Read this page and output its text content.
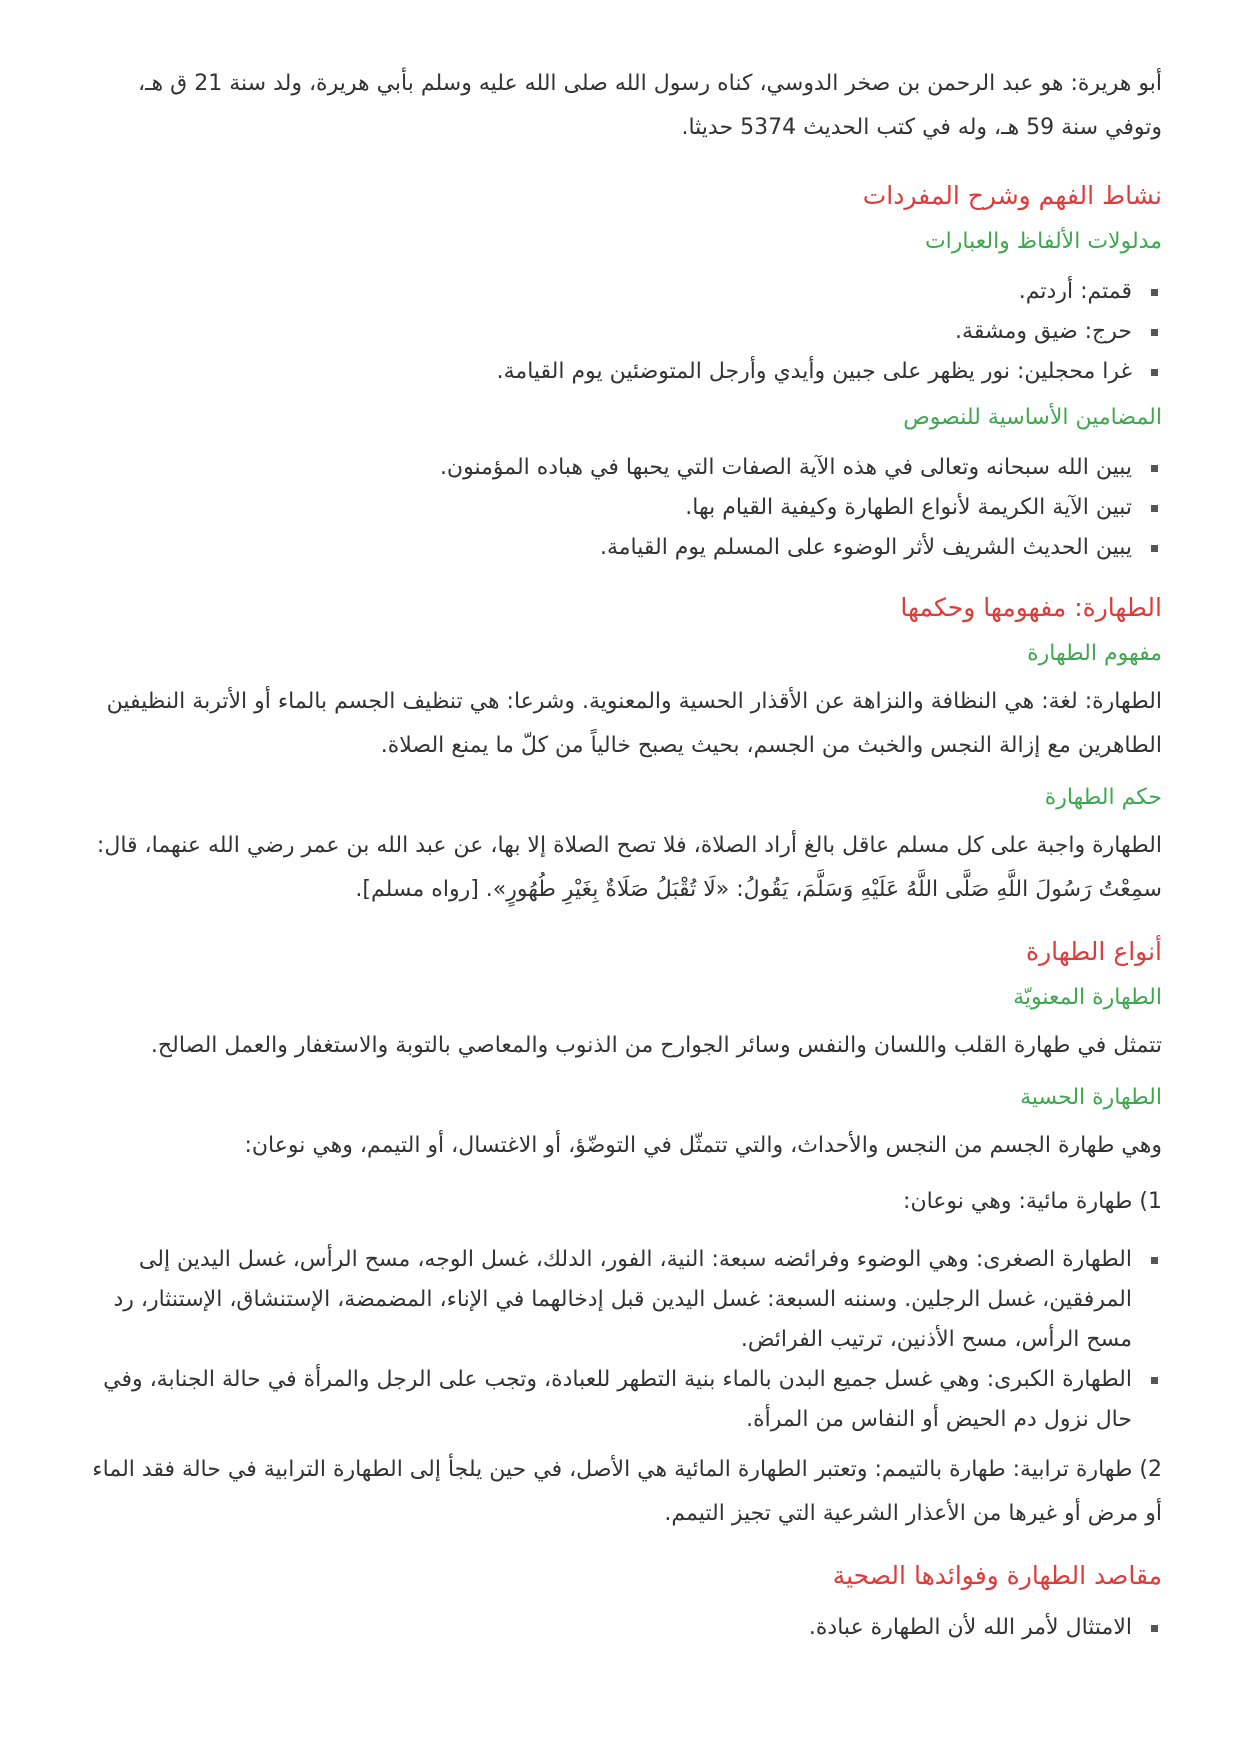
أبو هريرة: هو عبد الرحمن بن صخر الدوسي، كناه رسول الله صلى الله عليه وسلم بأبي هريرة، ولد سنة 21 ق هـ، وتوفي سنة 59 هـ، وله في كتب الحديث 5374 حديثا.

نشاط الفهم وشرح المفردات
مدلولات الألفاظ والعبارات
قمتم: أردتم.
حرج: ضيق ومشقة.
غرا محجلين: نور يظهر على جبين وأيدي وأرجل المتوضئين يوم القيامة.
المضامين الأساسية للنصوص
يبين الله سبحانه وتعالى في هذه الآية الصفات التي يحبها في هباده المؤمنون.
تبين الآية الكريمة لأنواع الطهارة وكيفية القيام بها.
يبين الحديث الشريف لأثر الوضوء على المسلم يوم القيامة.
الطهارة: مفهومها وحكمها
مفهوم الطهارة

الطهارة: لغة: هي النظافة والنزاهة عن الأقذار الحسية والمعنوية. وشرعا: هي تنظيف الجسم بالماء أو الأتربة النظيفين الطاهرين مع إزالة النجس والخبث من الجسم، بحيث يصبح خالياً من كلّ ما يمنع الصلاة.

حكم الطهارة

الطهارة واجبة على كل مسلم عاقل بالغ أراد الصلاة، فلا تصح الصلاة إلا بها، عن عبد الله بن عمر رضي الله عنهما، قال: سمِعْتُ رَسُولَ اللَّهِ صَلَّى اللَّهُ عَلَيْهِ وَسَلَّمَ، يَقُولُ: «لَا تُقْبَلُ صَلَاةٌ بِغَيْرِ طُهُورٍ». [رواه مسلم].

أنواع الطهارة
الطهارة المعنويّة

تتمثل في طهارة القلب واللسان والنفس وسائر الجوارح من الذنوب والمعاصي بالتوبة والاستغفار والعمل الصالح.

الطهارة الحسية

وهي طهارة الجسم من النجس والأحداث، والتي تتمثّل في التوضّؤ، أو الاغتسال، أو التيمم، وهي نوعان:

1) طهارة مائية: وهي نوعان:

الطهارة الصغرى: وهي الوضوء وفرائضه سبعة: النية، الفور، الدلك، غسل الوجه، مسح الرأس، غسل اليدين إلى المرفقين، غسل الرجلين. وسننه السبعة: غسل اليدين قبل إدخالهما في الإناء، المضمضة، الإستنشاق، الإستنثار، رد مسح الرأس، مسح الأذنين، ترتيب الفرائض.
الطهارة الكبرى: وهي غسل جميع البدن بالماء بنية التطهر للعبادة، وتجب على الرجل والمرأة في حالة الجنابة، وفي حال نزول دم الحيض أو النفاس من المرأة.

2) طهارة ترابية: طهارة بالتيمم: وتعتبر الطهارة المائية هي الأصل، في حين يلجأ إلى الطهارة الترابية في حالة فقد الماء أو مرض أو غيرها من الأعذار الشرعية التي تجيز التيمم.

مقاصد الطهارة وفوائدها الصحية
الامتثال لأمر الله لأن الطهارة عبادة.
